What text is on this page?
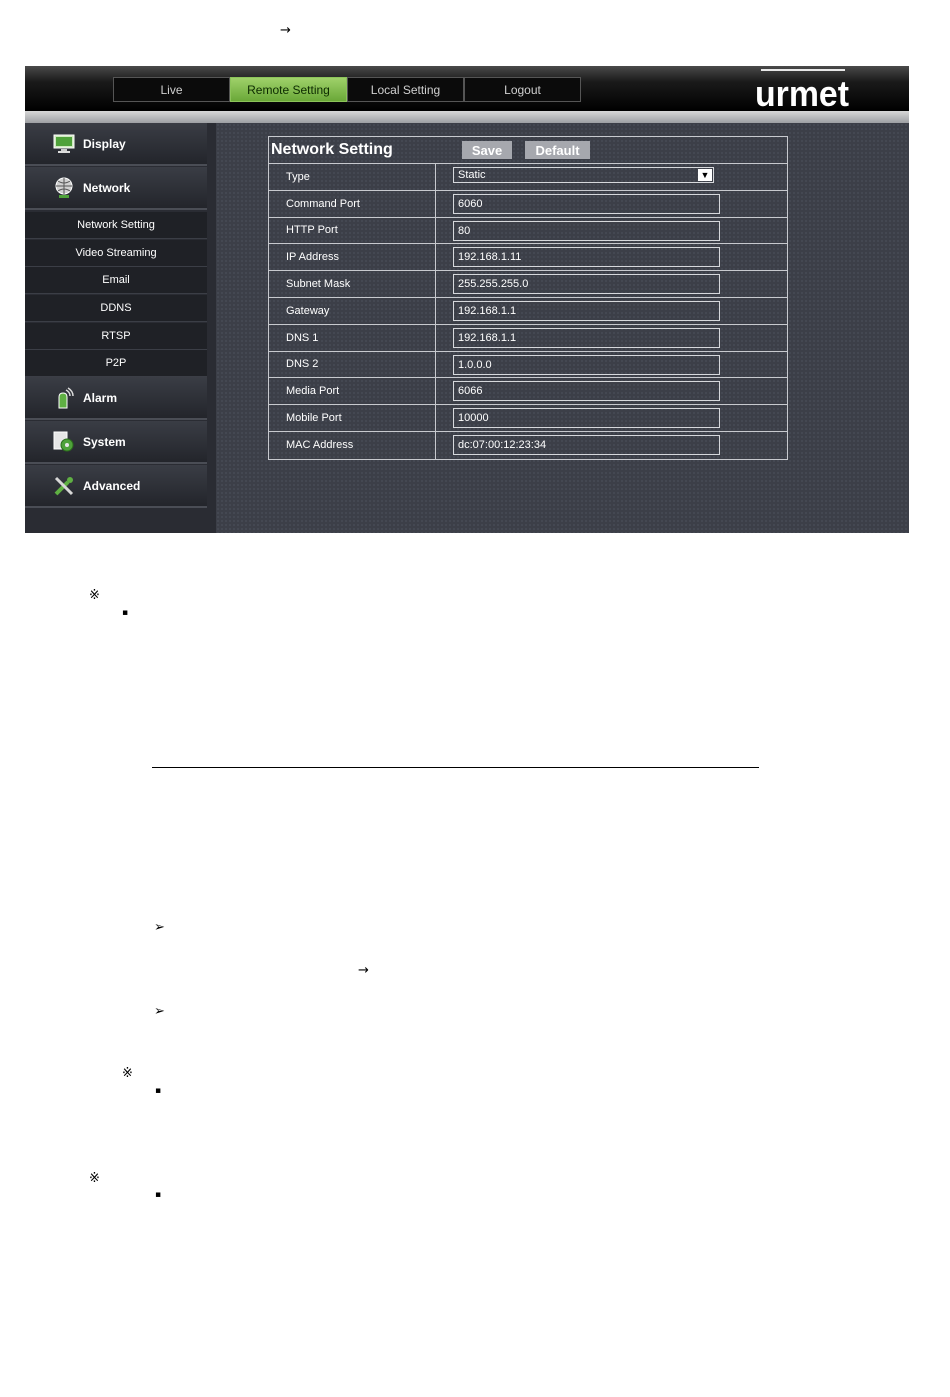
→
※
▪
➢
→
➢
※
▪
※
▪
Live	Remote Setting	Local Setting	Logout	urmet
Display
Network
Network Setting
Video Streaming
Email
DDNS
RTSP
P2P
Alarm
System
Advanced
Network Setting	Save	Default
Type	Static	▼
Command Port	6060
HTTP Port	80
IP Address	192.168.1.11
Subnet Mask	255.255.255.0
Gateway	192.168.1.1
DNS 1	192.168.1.1
DNS 2	1.0.0.0
Media Port	6066
Mobile Port	10000
MAC Address	dc:07:00:12:23:34
